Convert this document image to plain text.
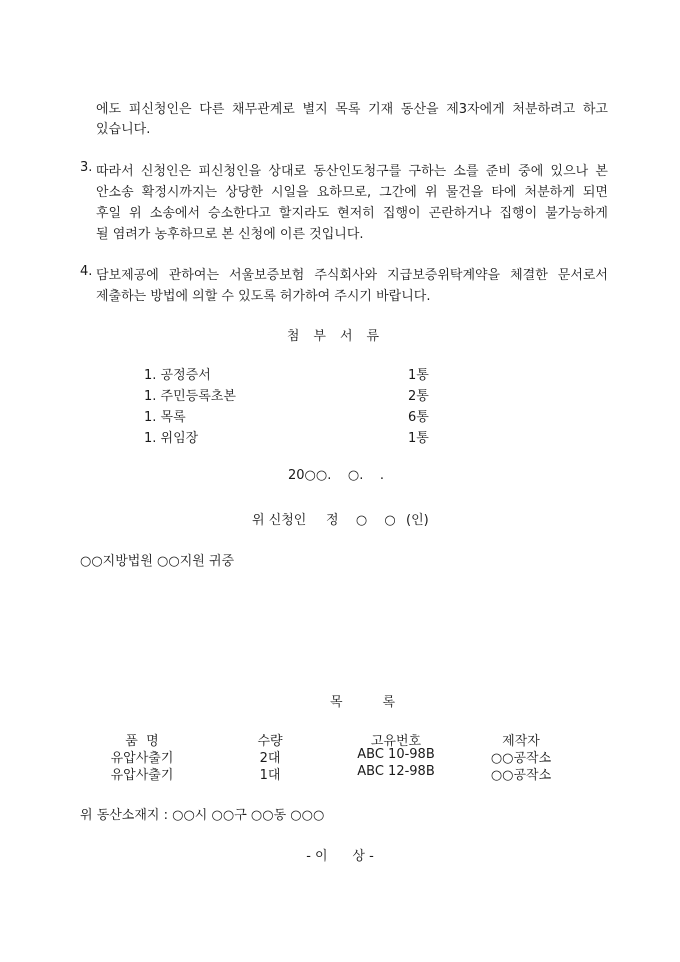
에도 피신청인은 다른 채무관계로 별지 목록 기재 동산을 제3자에게 처분하려고 하고
있습니다.
3. 따라서 신청인은 피신청인을 상대로 동산인도청구를 구하는 소를 준비 중에 있으나 본
안소송 확정시까지는 상당한 시일을 요하므로, 그간에 위 물건을 타에 처분하게 되면
후일 위 소송에서 승소한다고 할지라도 현저히 집행이 곤란하거나 집행이 불가능하게
될 염려가 농후하므로 본 신청에 이른 것입니다.
4. 담보제공에 관하여는 서울보증보험 주식회사와 지급보증위탁계약을 체결한 문서로서
제출하는 방법에 의할 수 있도록 허가하여 주시기 바랍니다.
첨부서류
1. 공정증서	1통
1. 주민등록초본	2통
1. 목록	6통
1. 위임장	1통
20○○.    ○.    .
위 신청인 정  ○  ○ (인)
○○지방법원 ○○지원 귀중
목록
품  명	수량	고유번호	제작자
유압사출기	2대	ABC 10-98B	○○공작소
유압사출기	1대	ABC 12-98B	○○공작소
위 동산소재지 : ○○시 ○○구 ○○동 ○○○
- 이      상 -
